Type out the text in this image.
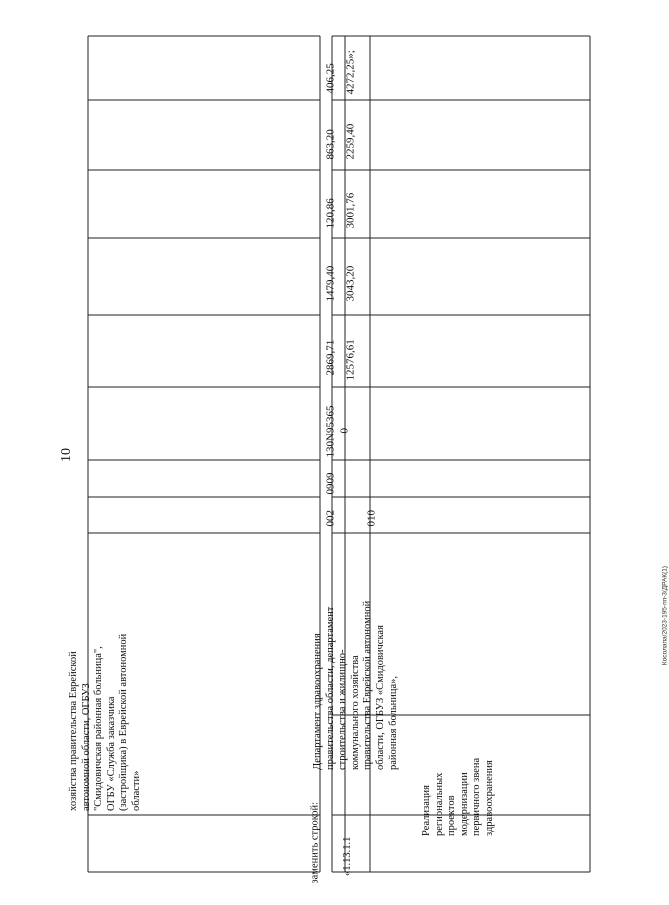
10
хозяйства правительства Еврейской автономной области, ОГБУЗ "Смидовичская районная больница", ОГБУ «Служба заказчика (застройщика) в Еврейской автономной области»
заменить строкой: «1.13.1.1
Реализация региональных проектов модернизации первичного звена здравоохранения
Департамент здравоохранения правительства области, департамент строительства и жилищно-коммунального хозяйства правительства Еврейской автономной области, ОГБУЗ «Смидовичская районная больница»,
002	010
0909
130N95365 0
2869,71
1479,40
120,86
863,20
406,25
12576,61
3043,20
3001,76
2259,40
4272,25»;
Косолапа/2023-195-пп-3/ДРАК(1)
